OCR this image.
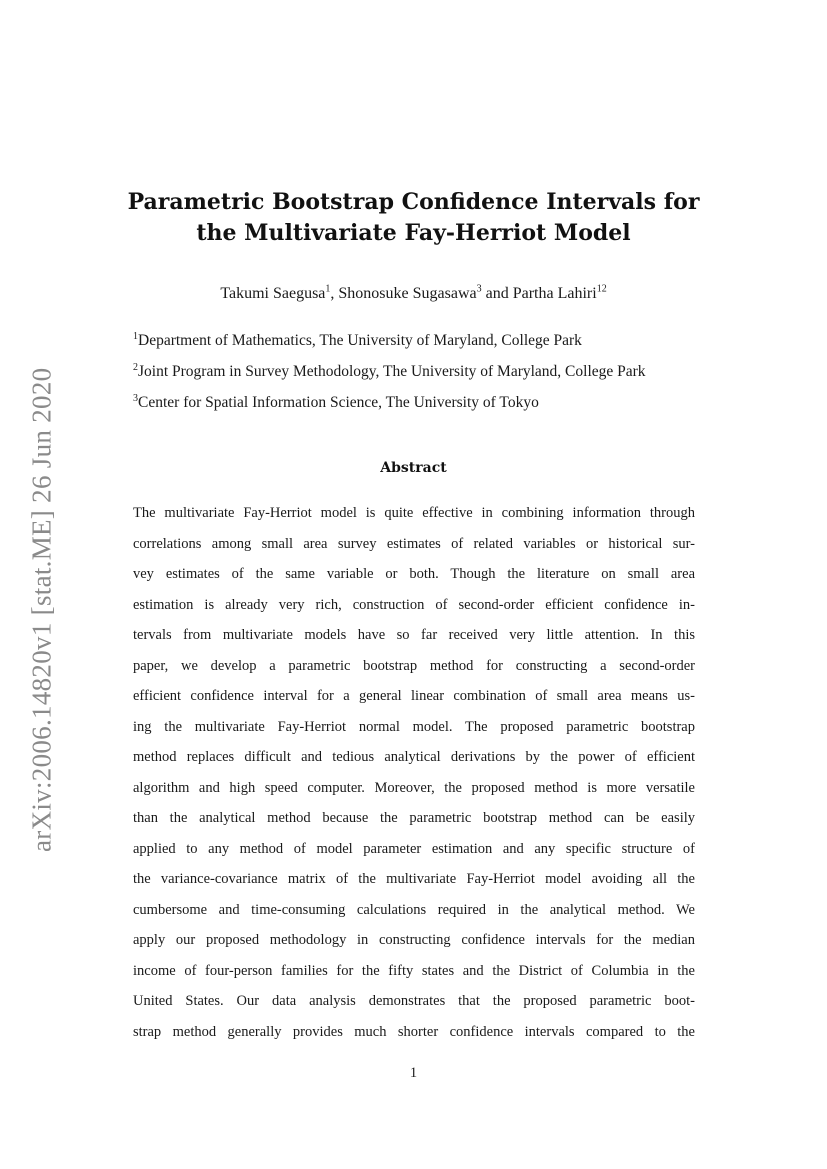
arXiv:2006.14820v1 [stat.ME] 26 Jun 2020
Parametric Bootstrap Confidence Intervals for
the Multivariate Fay-Herriot Model
Takumi Saegusa$^1$, Shonosuke Sugasawa$^3$ and Partha Lahiri$^{12}$
$^1$Department of Mathematics, The University of Maryland, College Park
$^2$Joint Program in Survey Methodology, The University of Maryland, College Park
$^3$Center for Spatial Information Science, The University of Tokyo
Abstract
The multivariate Fay-Herriot model is quite effective in combining information through
correlations among small area survey estimates of related variables or historical sur-
vey estimates of the same variable or both. Though the literature on small area
estimation is already very rich, construction of second-order efficient confidence in-
tervals from multivariate models have so far received very little attention. In this
paper, we develop a parametric bootstrap method for constructing a second-order
efficient confidence interval for a general linear combination of small area means us-
ing the multivariate Fay-Herriot normal model. The proposed parametric bootstrap
method replaces difficult and tedious analytical derivations by the power of efficient
algorithm and high speed computer. Moreover, the proposed method is more versatile
than the analytical method because the parametric bootstrap method can be easily
applied to any method of model parameter estimation and any specific structure of
the variance-covariance matrix of the multivariate Fay-Herriot model avoiding all the
cumbersome and time-consuming calculations required in the analytical method. We
apply our proposed methodology in constructing confidence intervals for the median
income of four-person families for the fifty states and the District of Columbia in the
United States. Our data analysis demonstrates that the proposed parametric boot-
strap method generally provides much shorter confidence intervals compared to the
1
